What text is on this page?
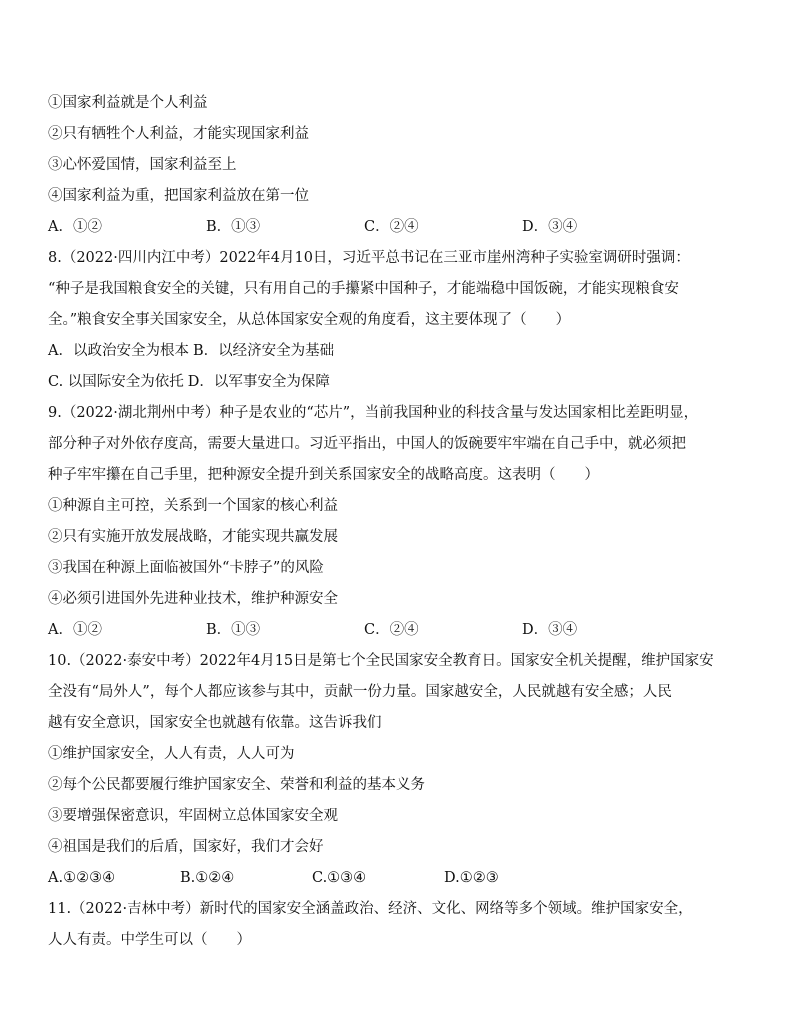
①国家利益就是个人利益
②只有牺牲个人利益，才能实现国家利益
③心怀爱国情，国家利益至上
④国家利益为重，把国家利益放在第一位
A．①②	B．①③	C．②④	D．③④
8.（2022·四川内江中考）2022年4月10日，习近平总书记在三亚市崖州湾种子实验室调研时强调：
“种子是我国粮食安全的关键，只有用自己的手攥紧中国种子，才能端稳中国饭碗，才能实现粮食安
全。”粮食安全事关国家安全，从总体国家安全观的角度看，这主要体现了（　　）
A．以政治安全为根本 B．以经济安全为基础
C. 以国际安全为依托 D．以军事安全为保障
9.（2022·湖北荆州中考）种子是农业的“芯片”，当前我国种业的科技含量与发达国家相比差距明显，
部分种子对外依存度高，需要大量进口。习近平指出，中国人的饭碗要牢牢端在自己手中，就必须把
种子牢牢攥在自己手里，把种源安全提升到关系国家安全的战略高度。这表明（　　）
①种源自主可控，关系到一个国家的核心利益
②只有实施开放发展战略，才能实现共赢发展
③我国在种源上面临被国外“卡脖子”的风险
④必须引进国外先进种业技术，维护种源安全
A．①②	B．①③	C．②④	D．③④
10.（2022·泰安中考）2022年4月15日是第七个全民国家安全教育日。国家安全机关提醒，维护国家安
全没有“局外人”，每个人都应该参与其中，贡献一份力量。国家越安全，人民就越有安全感；人民
越有安全意识，国家安全也就越有依靠。这告诉我们
①维护国家安全，人人有责，人人可为
②每个公民都要履行维护国家安全、荣誉和利益的基本义务
③要增强保密意识，牢固树立总体国家安全观
④祖国是我们的后盾，国家好，我们才会好
A.①②③④	B.①②④	C.①③④	D.①②③
11.（2022·吉林中考）新时代的国家安全涵盖政治、经济、文化、网络等多个领域。维护国家安全，
人人有责。中学生可以（　　）
